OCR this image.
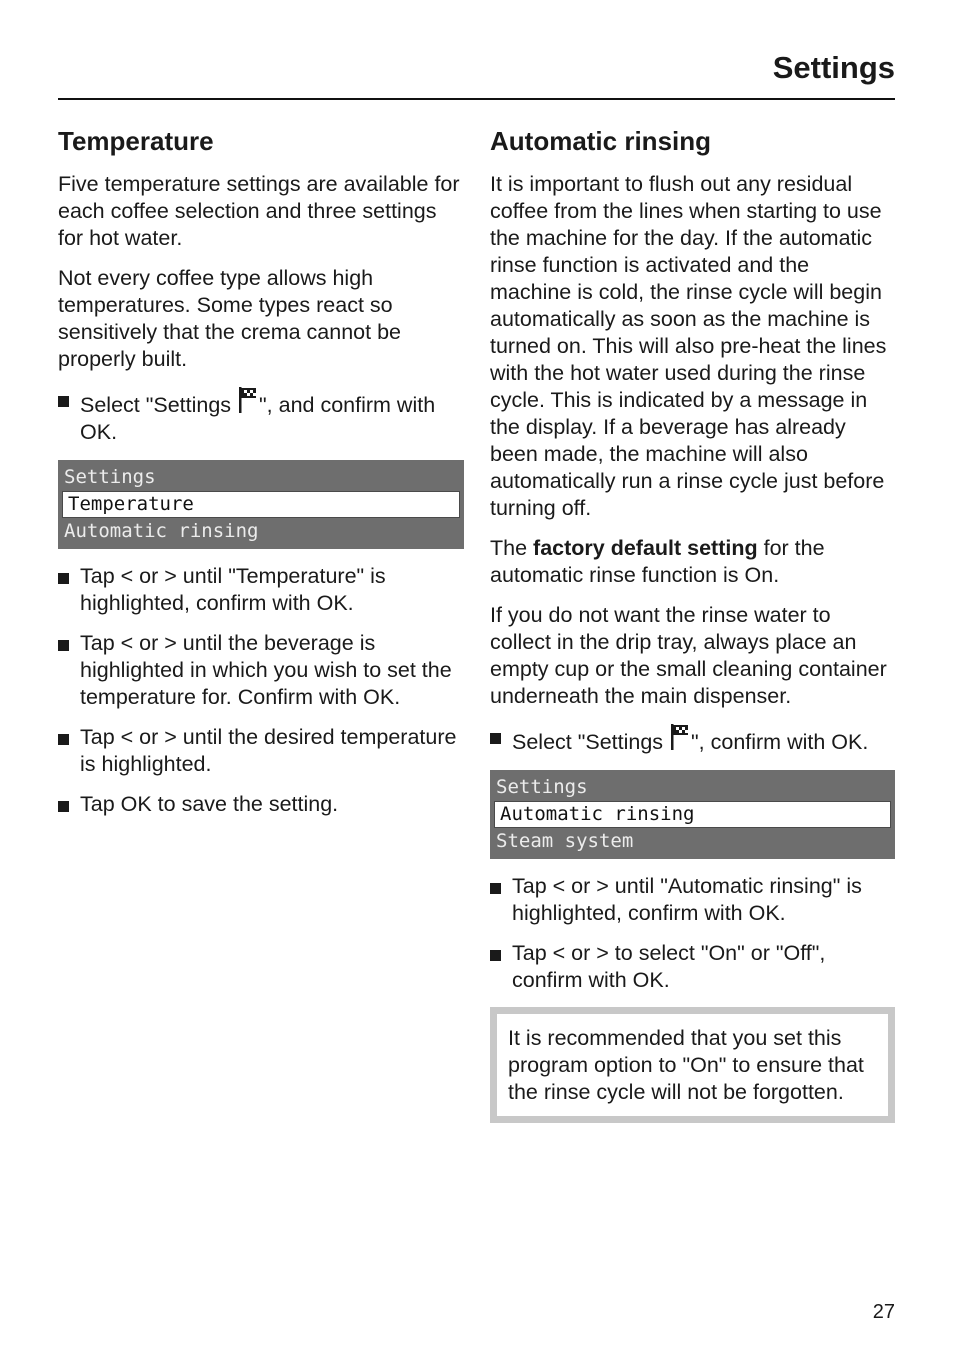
Settings
Temperature

Five temperature settings are available for each coffee selection and three settings for hot water.

Not every coffee type allows high temperatures. Some types react so sensitively that the crema cannot be properly built.

Select "Settings ", and confirm with OK.
Settings
Temperature
Automatic rinsing
Tap < or > until "Temperature" is highlighted, confirm with OK.
Tap < or > until the beverage is highlighted in which you wish to set the temperature for. Confirm with OK.
Tap < or > until the desired temperature is highlighted.
Tap OK to save the setting.
Automatic rinsing

It is important to flush out any residual coffee from the lines when starting to use the machine for the day. If the automatic rinse function is activated and the machine is cold, the rinse cycle will begin automatically as soon as the machine is turned on. This will also pre-heat the lines with the hot water used during the rinse cycle. This is indicated by a message in the display. If a beverage has already been made, the machine will also automatically run a rinse cycle just before turning off.

The factory default setting for the automatic rinse function is On.

If you do not want the rinse water to collect in the drip tray, always place an empty cup or the small cleaning container underneath the main dispenser.

Select "Settings ", confirm with OK.
Settings
Automatic rinsing
Steam system
Tap < or > until "Automatic rinsing" is highlighted, confirm with OK.
Tap < or > to select "On" or "Off", confirm with OK.
It is recommended that you set this program option to "On" to ensure that the rinse cycle will not be forgotten.
27
